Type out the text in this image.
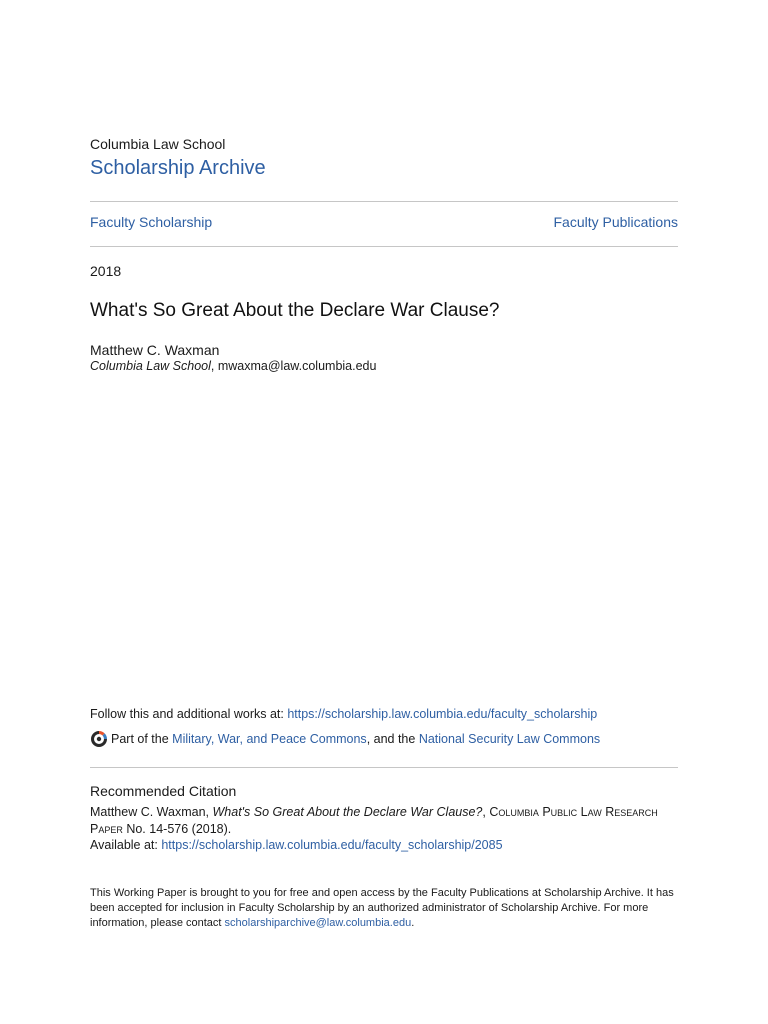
Columbia Law School
Scholarship Archive
Faculty Scholarship	Faculty Publications
2018
What's So Great About the Declare War Clause?
Matthew C. Waxman
Columbia Law School, mwaxma@law.columbia.edu
Follow this and additional works at: https://scholarship.law.columbia.edu/faculty_scholarship
Part of the
Military, War, and Peace Commons , and the
National Security Law Commons
Recommended Citation
Matthew C. Waxman, What's So Great About the Declare War Clause?, Columbia Public Law Research Paper No. 14-576 (2018).
Available at: https://scholarship.law.columbia.edu/faculty_scholarship/2085
This Working Paper is brought to you for free and open access by the Faculty Publications at Scholarship Archive. It has been accepted for inclusion in Faculty Scholarship by an authorized administrator of Scholarship Archive. For more information, please contact scholarshiparchive@law.columbia.edu.
